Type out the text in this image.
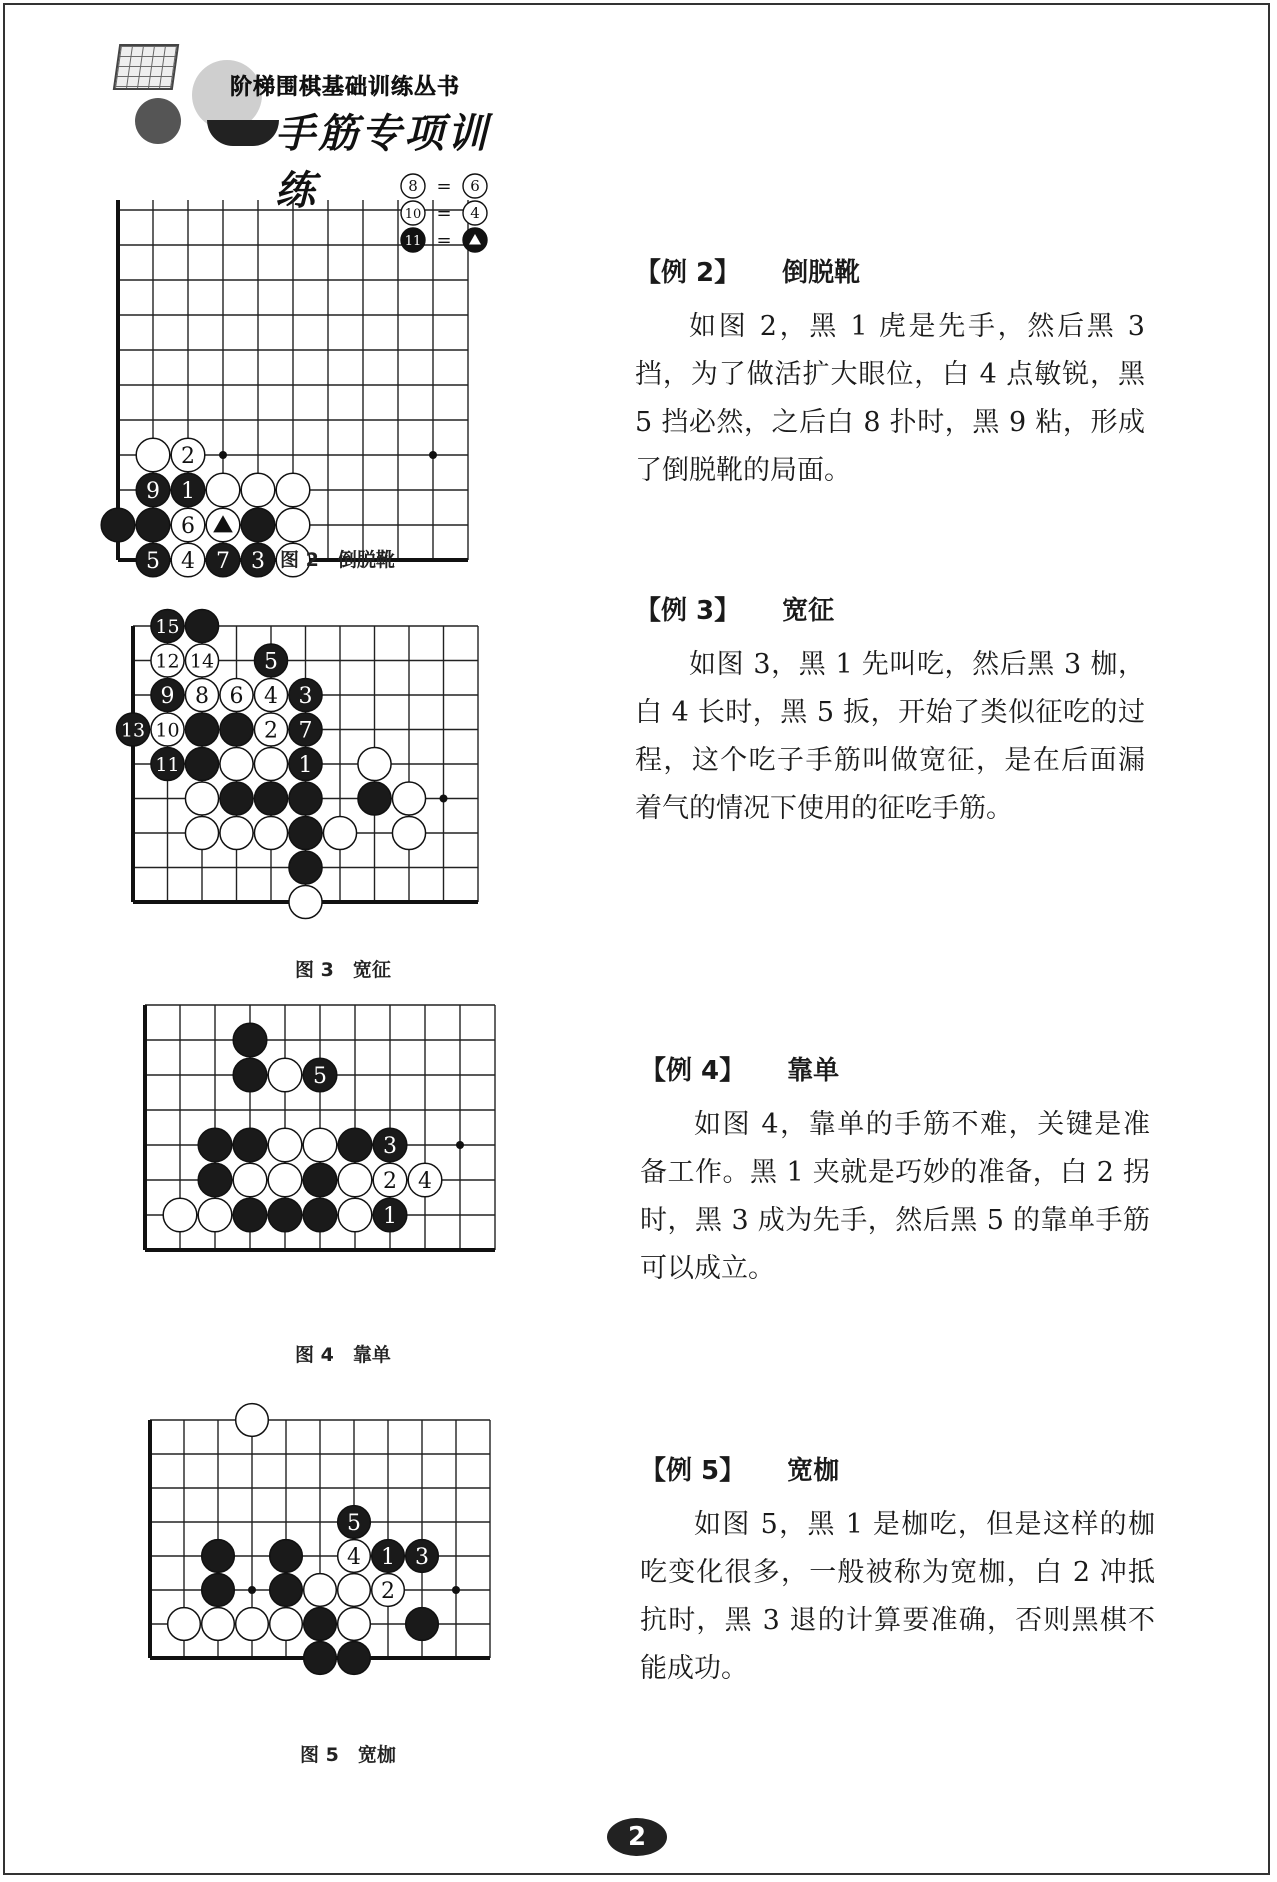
阶梯围棋基础训练丛书
手筋专项训练
2
9 1
6
5 4 7 3
8 = 6
10 = 4
11 =
图 2　倒脱靴
15
12 14 5
9 8 6 4 3
13 10	2 7
11	1
图 3　宽征
5
3
2 4
1
图 4　靠单
5
4 1 3
2
图 5　宽枷
【例 2】 倒脱靴

如图 2，黑 1 虎是先手，然后黑 3 挡，为了做活扩大眼位，白 4 点敏锐，黑 5 挡必然，之后白 8 扑时，黑 9 粘，形成了倒脱靴的局面。

【例 3】 宽征

如图 3，黑 1 先叫吃，然后黑 3 枷，白 4 长时，黑 5 扳，开始了类似征吃的过程，这个吃子手筋叫做宽征，是在后面漏着气的情况下使用的征吃手筋。

【例 4】 靠单

如图 4，靠单的手筋不难，关键是准备工作。黑 1 夹就是巧妙的准备，白 2 拐时，黑 3 成为先手，然后黑 5 的靠单手筋可以成立。

【例 5】 宽枷

如图 5，黑 1 是枷吃，但是这样的枷吃变化很多，一般被称为宽枷，白 2 冲抵抗时，黑 3 退的计算要准确，否则黑棋不能成功。

2
